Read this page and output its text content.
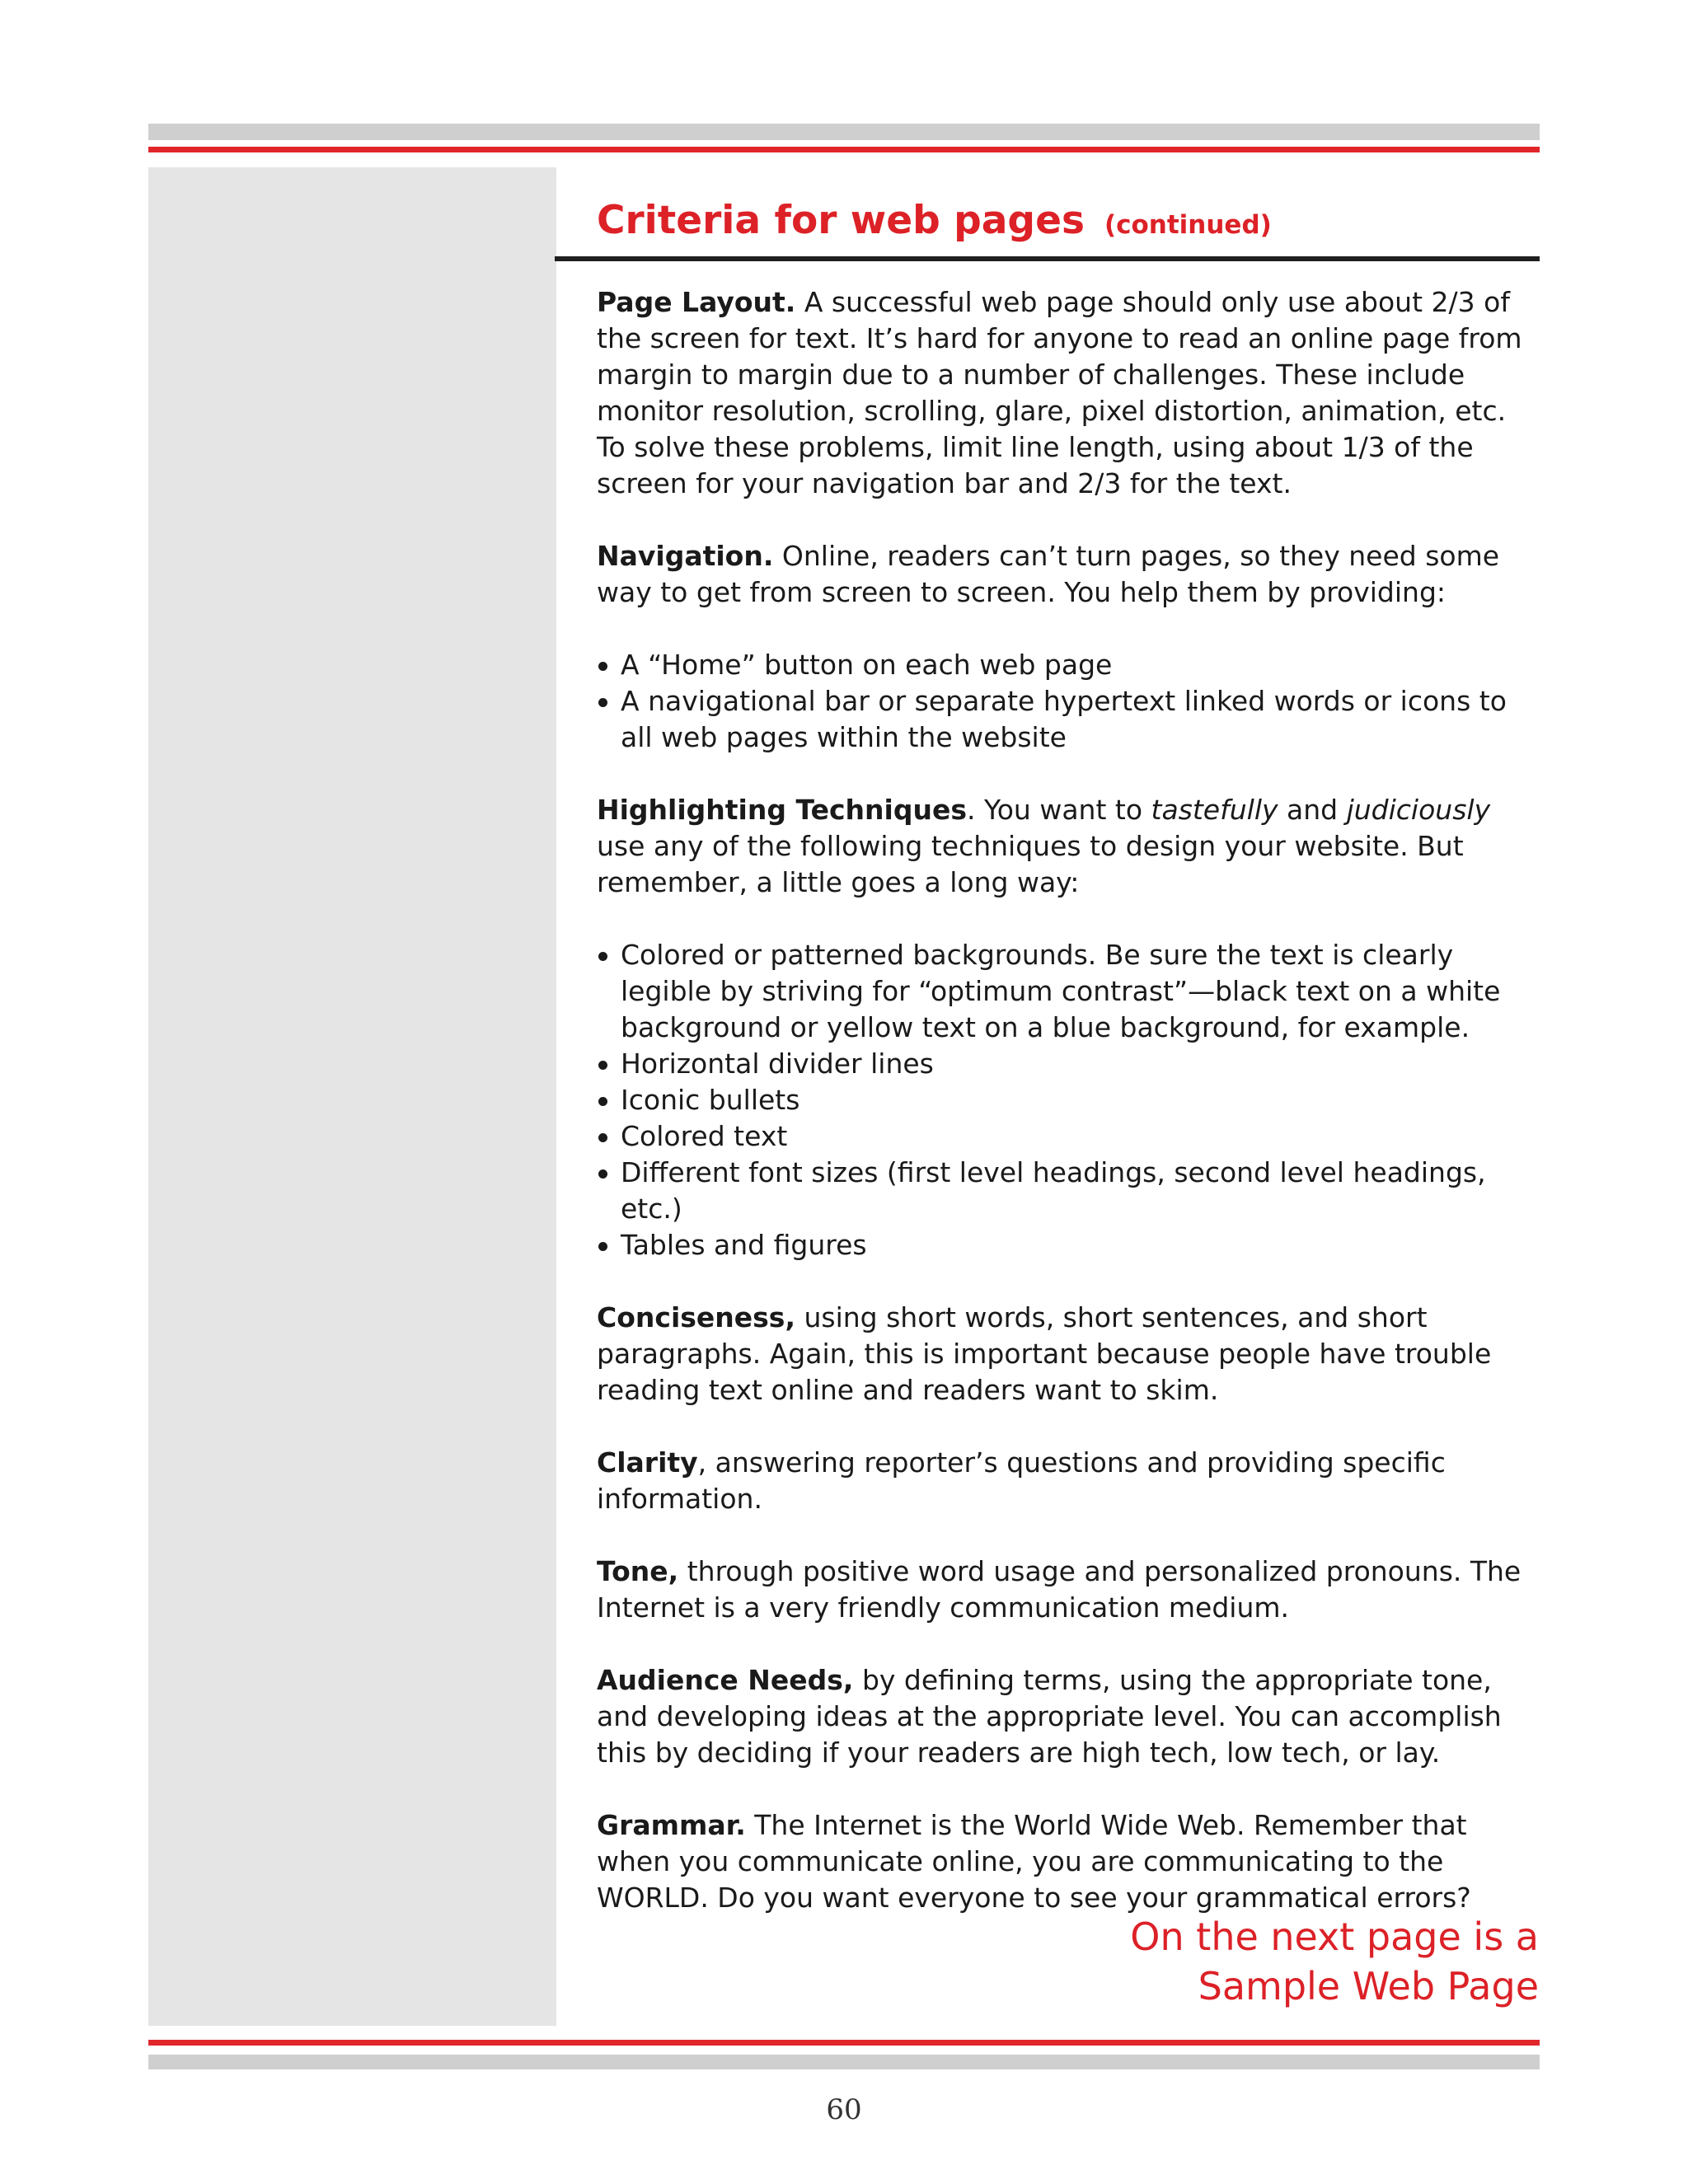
Criteria for web pages (continued)

Page Layout. A successful web page should only use about 2/3 of the screen for text. It’s hard for anyone to read an online page from margin to margin due to a number of challenges. These include monitor resolution, scrolling, glare, pixel distortion, animation, etc. To solve these problems, limit line length, using about 1/3 of the screen for your navigation bar and 2/3 for the text.

Navigation. Online, readers can’t turn pages, so they need some way to get from screen to screen. You help them by providing:

A “Home” button on each web page
A navigational bar or separate hypertext linked words or icons to all web pages within the website

Highlighting Techniques. You want to tastefully and judiciously use any of the following techniques to design your website. But remember, a little goes a long way:

Colored or patterned backgrounds. Be sure the text is clearly legible by striving for “optimum contrast”—black text on a white background or yellow text on a blue background, for example.
Horizontal divider lines
Iconic bullets
Colored text
Different font sizes (first level headings, second level headings, etc.)
Tables and figures

Conciseness, using short words, short sentences, and short paragraphs. Again, this is important because people have trouble reading text online and readers want to skim.

Clarity, answering reporter’s questions and providing specific information.

Tone, through positive word usage and personalized pronouns. The Internet is a very friendly communication medium.

Audience Needs, by defining terms, using the appropriate tone, and developing ideas at the appropriate level. You can accomplish this by deciding if your readers are high tech, low tech, or lay.

Grammar. The Internet is the World Wide Web. Remember that when you communicate online, you are communicating to the WORLD. Do you want everyone to see your grammatical errors?

On the next page is a
Sample Web Page

60
